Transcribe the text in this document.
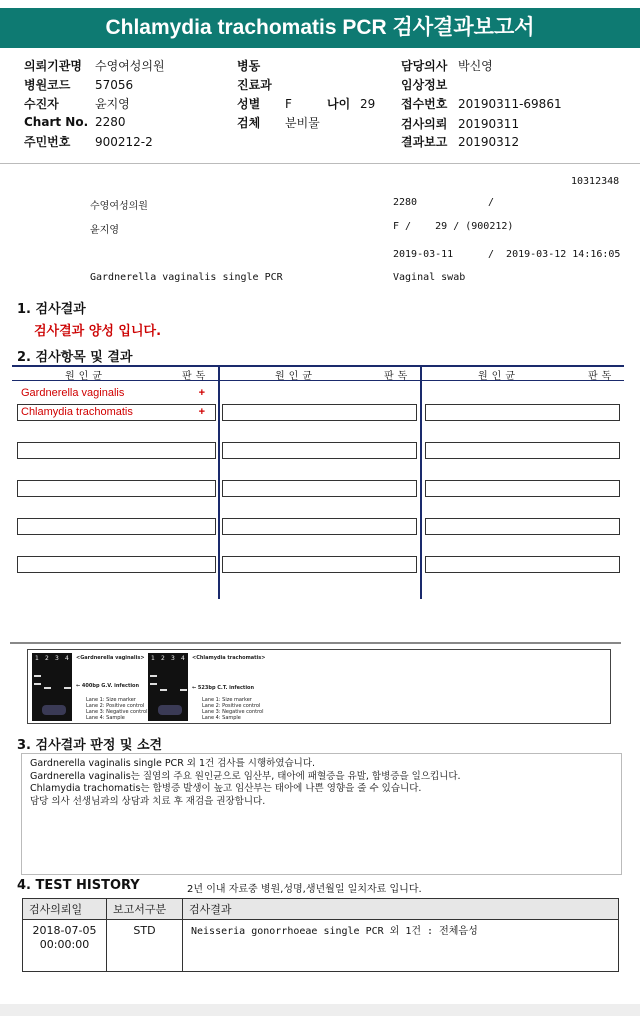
Chlamydia trachomatis PCR 검사결과보고서
의뢰기관명 수영여성의원
병원코드 57056
수진자	윤지영
Chart No. 2280
주민번호 900212-2
병동
진료과
성별 F	나이 29
검체 분비물
담당의사 박신영
임상정보
접수번호 20190311-69861
검사의뢰 20190311
결과보고 20190312
10312348
수영여성의원	2280	/
윤지영	F /    29 / (900212)
2019-03-11	/  2019-03-12 14:16:05
Gardnerella vaginalis single PCR	Vaginal swab
1. 검사결과
검사결과 양성 입니다.
2. 검사항목 및 결과
원인균	판독	원인균	판독	원인균	판독
Gardnerella vaginalis	+
Chlamydia trachomatis	+
1 2 3 4 <Gardnerella vaginalis>
← 400bp G.V. infection
Lane 1: Size marker
Lane 2: Positive control
Lane 3: Negative control
Lane 4: Sample
1 2 3 4 <Chlamydia trachomatis>
← 523bp C.T. infection
Lane 1: Size marker
Lane 2: Positive control
Lane 3: Negative control
Lane 4: Sample
3. 검사결과 판정 및 소견
Gardnerella vaginalis single PCR 외 1건 검사를 시행하였습니다.
Gardnerella vaginalis는 질염의 주요 원인균으로 임산부, 태아에 패혈증을 유발, 합병증을 일으킵니다.
Chlamydia trachomatis는 합병증 발생이 높고 임산부는 태아에 나쁜 영향을 줄 수 있습니다.
담당 의사 선생님과의 상담과 치료 후 재검을 권장합니다.
4. TEST HISTORY	2년 이내 자료중 병원,성명,생년월일 일치자료 입니다.
검사의뢰일	보고서구분	검사결과

2018-07-05
00:00:00	STD	Neisseria gonorrhoeae single PCR 외 1건 : 전체음성
